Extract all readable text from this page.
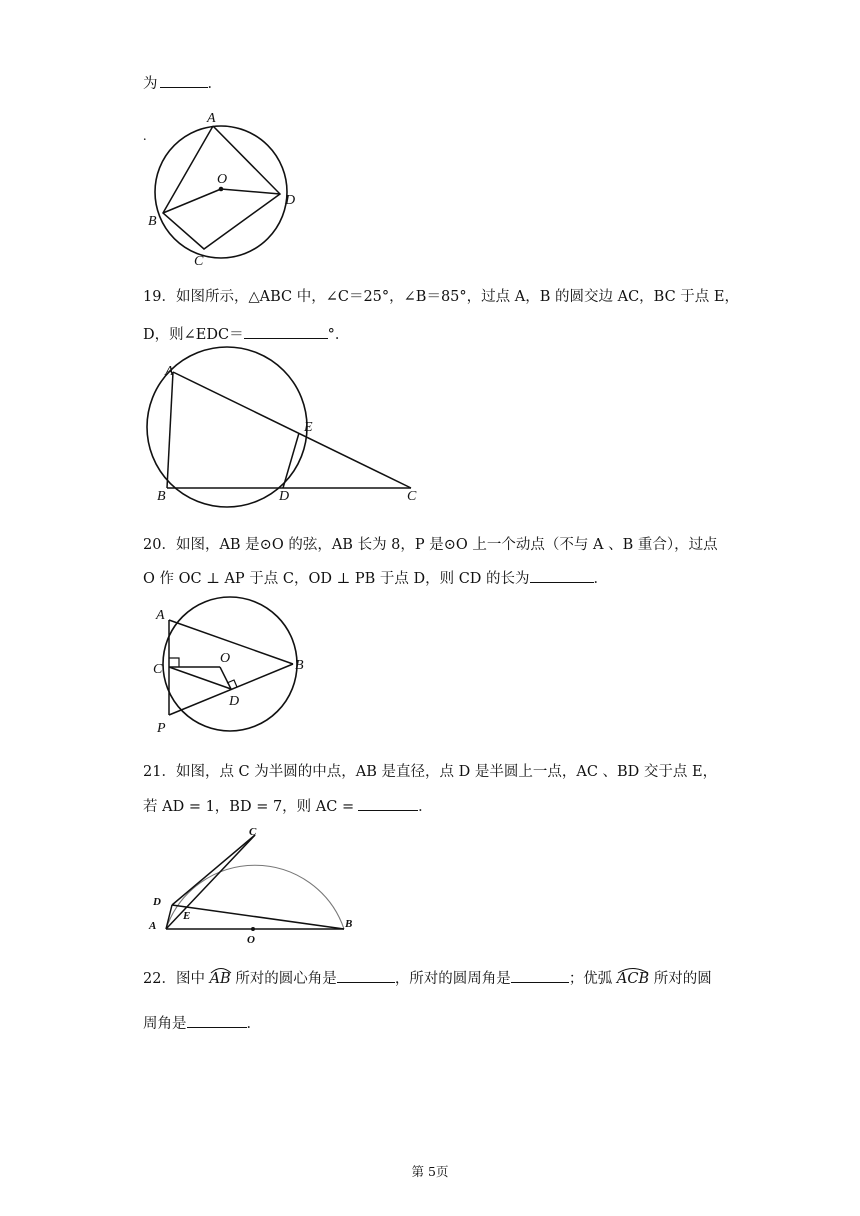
为	．
.
A
O
D
B
C
19．如图所示，△ABC 中，∠C＝25°，∠B＝85°，过点 A，B 的圆交边 AC，BC 于点 E，
D，则∠EDC＝	°．
A
E
B	D	C
20．如图，AB 是⊙O 的弦，AB 长为 8，P 是⊙O 上一个动点（不与 A 、B 重合），过点
O 作 OC ⊥ AP 于点 C，OD ⊥ PB 于点 D，则 CD 的长为	．
A
C
O	B
D
P
21．如图，点 C 为半圆的中点，AB 是直径，点 D 是半圆上一点，AC 、BD 交于点 E，
若 AD = 1，BD = 7，则 AC =	．
C
D
E
A
O
B
22．图中 AB 所对的圆心角是	，所对的圆周角是	；优弧 ACB 所对的圆
周角是	．
第 5页
